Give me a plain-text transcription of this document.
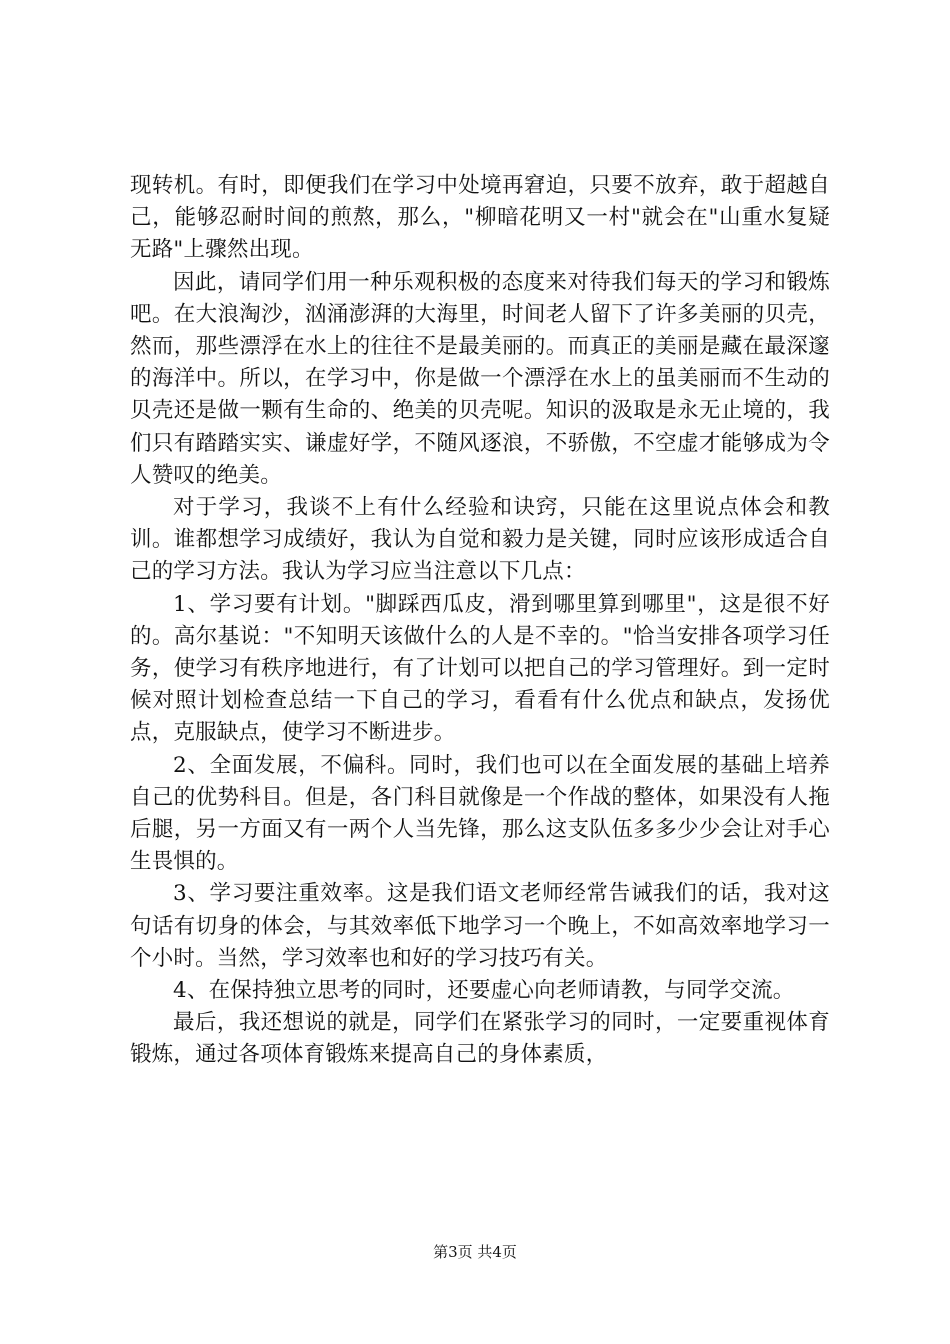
现转机。有时，即便我们在学习中处境再窘迫，只要不放弃，敢于超越自己，能够忍耐时间的煎熬，那么，"柳暗花明又一村"就会在"山重水复疑无路"上骤然出现。

因此，请同学们用一种乐观积极的态度来对待我们每天的学习和锻炼吧。在大浪淘沙，汹涌澎湃的大海里，时间老人留下了许多美丽的贝壳，然而，那些漂浮在水上的往往不是最美丽的。而真正的美丽是藏在最深邃的海洋中。所以，在学习中，你是做一个漂浮在水上的虽美丽而不生动的贝壳还是做一颗有生命的、绝美的贝壳呢。知识的汲取是永无止境的，我们只有踏踏实实、谦虚好学，不随风逐浪，不骄傲，不空虚才能够成为令人赞叹的绝美。

对于学习，我谈不上有什么经验和诀窍，只能在这里说点体会和教训。谁都想学习成绩好，我认为自觉和毅力是关键，同时应该形成适合自己的学习方法。我认为学习应当注意以下几点：

1、学习要有计划。"脚踩西瓜皮，滑到哪里算到哪里"，这是很不好的。高尔基说："不知明天该做什么的人是不幸的。"恰当安排各项学习任务，使学习有秩序地进行，有了计划可以把自己的学习管理好。到一定时候对照计划检查总结一下自己的学习，看看有什么优点和缺点，发扬优点，克服缺点，使学习不断进步。

2、全面发展，不偏科。同时，我们也可以在全面发展的基础上培养自己的优势科目。但是，各门科目就像是一个作战的整体，如果没有人拖后腿，另一方面又有一两个人当先锋，那么这支队伍多多少少会让对手心生畏惧的。

3、学习要注重效率。这是我们语文老师经常告诫我们的话，我对这句话有切身的体会，与其效率低下地学习一个晚上，不如高效率地学习一个小时。当然，学习效率也和好的学习技巧有关。

4、在保持独立思考的同时，还要虚心向老师请教，与同学交流。

最后，我还想说的就是，同学们在紧张学习的同时，一定要重视体育锻炼，通过各项体育锻炼来提高自己的身体素质，

第3页 共4页
